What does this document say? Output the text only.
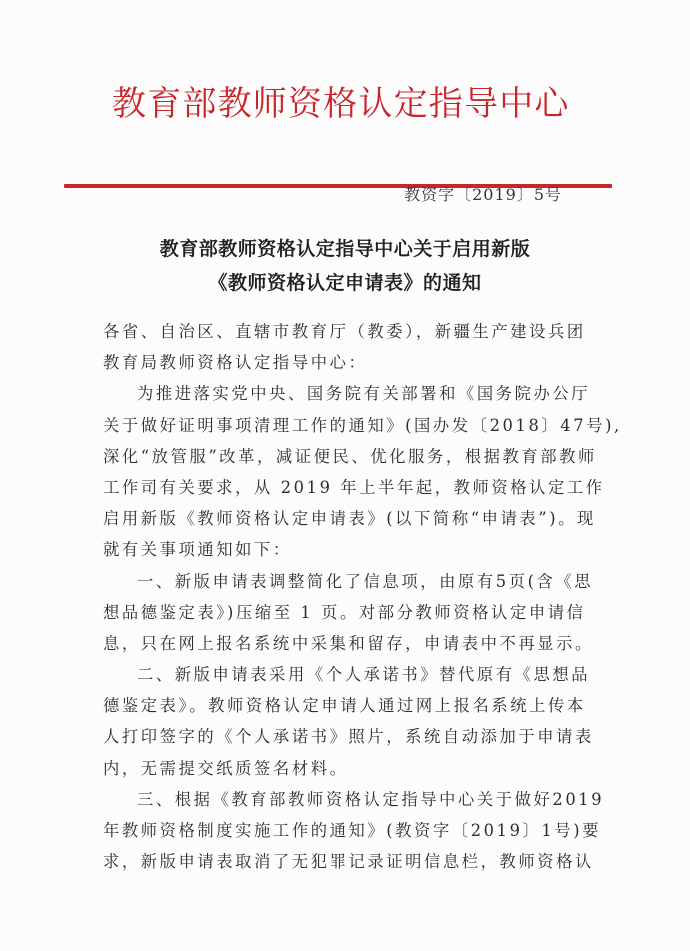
教育部教师资格认定指导中心
教资字〔2019〕5号
教育部教师资格认定指导中心关于启用新版
《教师资格认定申请表》的通知
各省、自治区、直辖市教育厅（教委），新疆生产建设兵团
教育局教师资格认定指导中心：
为推进落实党中央、国务院有关部署和《国务院办公厅
关于做好证明事项清理工作的通知》(国办发〔2018〕47号),
深化“放管服”改革，减证便民、优化服务，根据教育部教师
工作司有关要求，从 2019 年上半年起，教师资格认定工作
启用新版《教师资格认定申请表》(以下简称“申请表”)。现
就有关事项通知如下：
一、新版申请表调整简化了信息项，由原有5页(含《思
想品德鉴定表》)压缩至 1 页。对部分教师资格认定申请信
息，只在网上报名系统中采集和留存，申请表中不再显示。
二、新版申请表采用《个人承诺书》替代原有《思想品
德鉴定表》。教师资格认定申请人通过网上报名系统上传本
人打印签字的《个人承诺书》照片，系统自动添加于申请表
内，无需提交纸质签名材料。
三、根据《教育部教师资格认定指导中心关于做好2019
年教师资格制度实施工作的通知》(教资字〔2019〕1号)要
求，新版申请表取消了无犯罪记录证明信息栏，教师资格认
